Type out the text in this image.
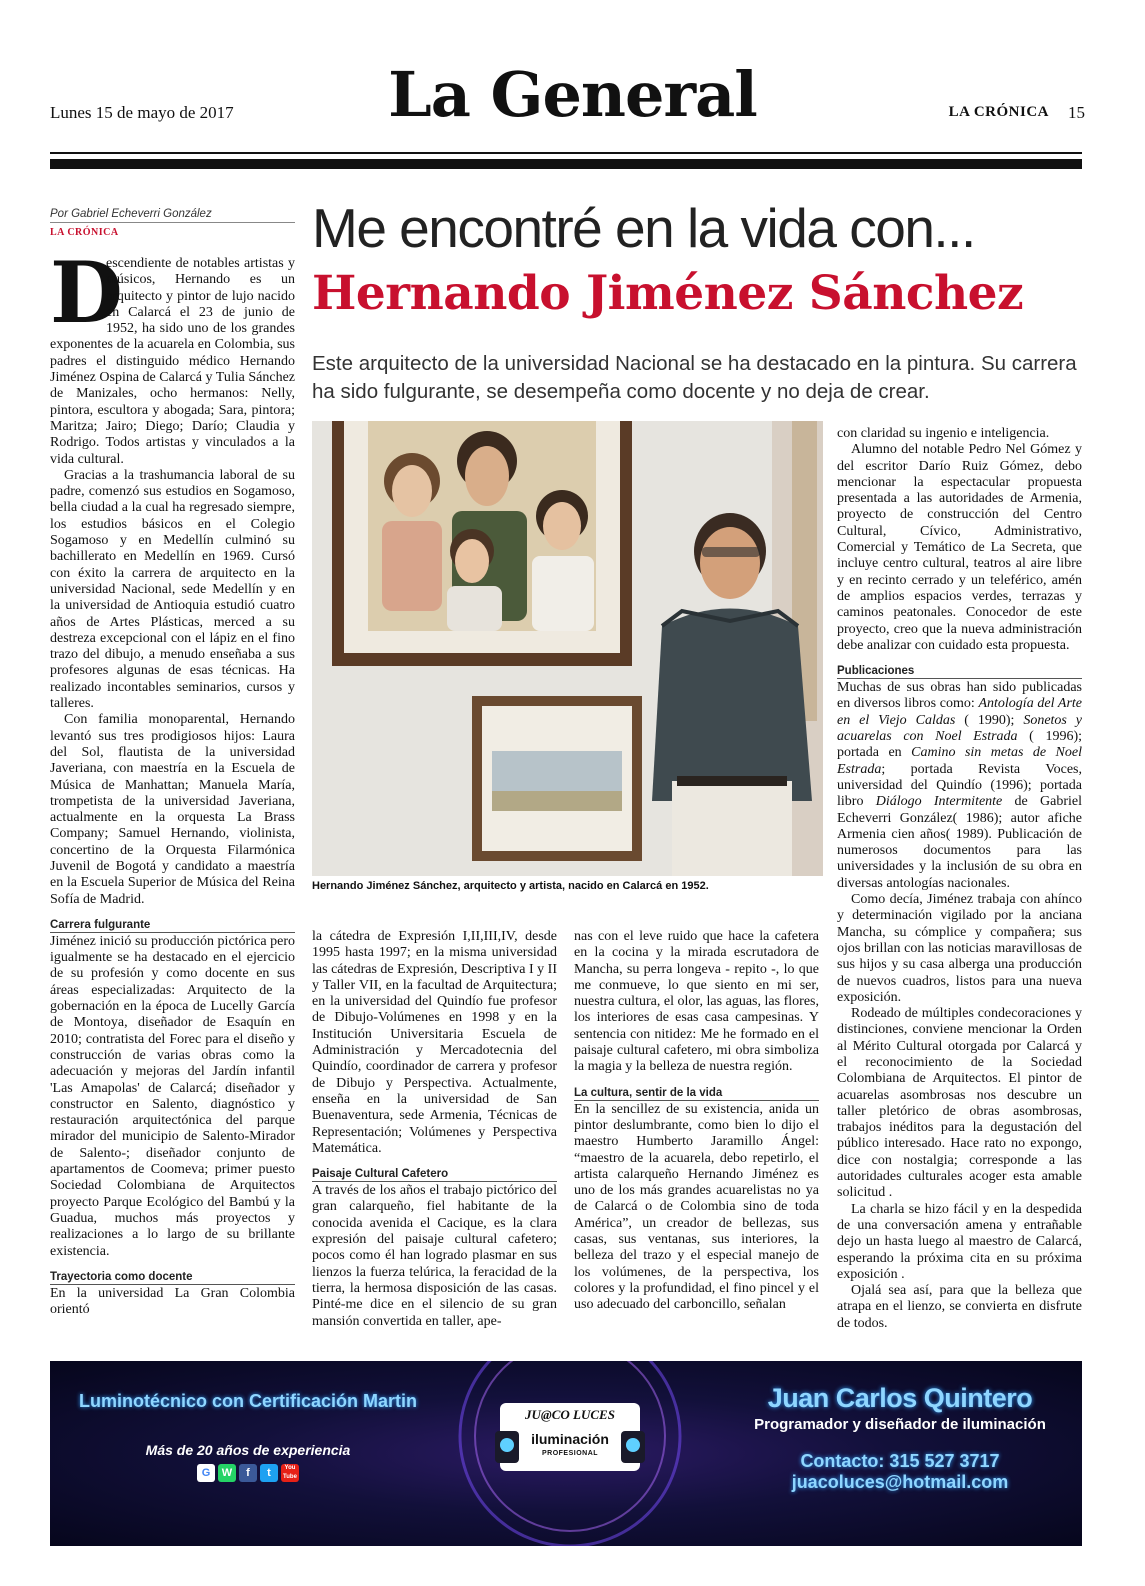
Lunes 15 de mayo de 2017	La General	LA CRÓNICA 15
Por Gabriel Echeverri González
LA CRÓNICA	Me encontré en la vida con...
Hernando Jiménez Sánchez

Este arquitecto de la universidad Nacional se ha destacado en la pintura. Su carrera ha sido fulgurante, se desempeña como docente y no deja de crear.

Hernando Jiménez Sánchez, arquitecto y artista, nacido en Calarcá en 1952.
D

escendiente de notables artistas y músicos, Hernando es un arquitecto y pintor de lujo nacido en Calarcá el 23 de junio de 1952, ha sido uno de los grandes exponentes de la acuarela en Colombia, sus padres el distinguido médico Hernando Jiménez Ospina de Calarcá y Tulia Sánchez de Manizales, ocho hermanos: Nelly, pintora, escultora y abogada; Sara, pintora; Maritza; Jairo; Diego; Darío; Claudia y Rodrigo. Todos artistas y vinculados a la vida cultural.

Gracias a la trashumancia laboral de su padre, comenzó sus estudios en Sogamoso, bella ciudad a la cual ha regresado siempre, los estudios básicos en el Colegio Sogamoso y en Medellín culminó su bachillerato en Medellín en 1969. Cursó con éxito la carrera de arquitecto en la universidad Nacional, sede Medellín y en la universidad de Antioquia estudió cuatro años de Artes Plásticas, merced a su destreza excepcional con el lápiz en el fino trazo del dibujo, a menudo enseñaba a sus profesores algunas de esas técnicas. Ha realizado incontables seminarios, cursos y talleres.

Con familia monoparental, Hernando levantó sus tres prodigiosos hijos: Laura del Sol, flautista de la universidad Javeriana, con maestría en la Escuela de Música de Manhattan; Manuela María, trompetista de la universidad Javeriana, actualmente en la orquesta La Brass Company; Samuel Hernando, violinista, concertino de la Orquesta Filarmónica Juvenil de Bogotá y candidato a maestría en la Escuela Superior de Música del Reina Sofía de Madrid.

Carrera fulgurante

Jiménez inició su producción pictórica pero igualmente se ha destacado en el ejercicio de su profesión y como docente en sus áreas especializadas: Arquitecto de la gobernación en la época de Lucelly García de Montoya, diseñador de Esaquín en 2010; contratista del Forec para el diseño y construcción de varias obras como la adecuación y mejoras del Jardín infantil 'Las Amapolas' de Calarcá; diseñador y constructor en Salento, diagnóstico y restauración arquitectónica del parque mirador del municipio de Salento-Mirador de Salento-; diseñador conjunto de apartamentos de Coomeva; primer puesto Sociedad Colombiana de Arquitectos proyecto Parque Ecológico del Bambú y la Guadua, muchos más proyectos y realizaciones a lo largo de su brillante existencia.

Trayectoria como docente

En la universidad La Gran Colombia orientó

la cátedra de Expresión I,II,III,IV, desde 1995 hasta 1997; en la misma universidad las cátedras de Expresión, Descriptiva I y II y Taller VII, en la facultad de Arquitectura; en la universidad del Quindío fue profesor de Dibujo-Volúmenes en 1998 y en la Institución Universitaria Escuela de Administración y Mercadotecnia del Quindío, coordinador de carrera y profesor de Dibujo y Perspectiva. Actualmente, enseña en la universidad de San Buenaventura, sede Armenia, Técnicas de Representación; Volúmenes y Perspectiva Matemática.

Paisaje Cultural Cafetero

A través de los años el trabajo pictórico del gran calarqueño, fiel habitante de la conocida avenida el Cacique, es la clara expresión del paisaje cultural cafetero; pocos como él han logrado plasmar en sus lienzos la fuerza telúrica, la feracidad de la tierra, la hermosa disposición de las casas. Pinté-me dice en el silencio de su gran mansión convertida en taller, ape-

nas con el leve ruido que hace la cafetera en la cocina y la mirada escrutadora de Mancha, su perra longeva - repito -, lo que me conmueve, lo que siento en mi ser, nuestra cultura, el olor, las aguas, las flores, los interiores de esas casa campesinas. Y sentencia con nitidez: Me he formado en el paisaje cultural cafetero, mi obra simboliza la magia y la belleza de nuestra región.

La cultura, sentir de la vida

En la sencillez de su existencia, anida un pintor deslumbrante, como bien lo dijo el maestro Humberto Jaramillo Ángel: “maestro de la acuarela, debo repetirlo, el artista calarqueño Hernando Jiménez es uno de los más grandes acuarelistas no ya de Calarcá o de Colombia sino de toda América”, un creador de bellezas, sus casas, sus ventanas, sus interiores, la belleza del trazo y el especial manejo de los volúmenes, de la perspectiva, los colores y la profundidad, el fino pincel y el uso adecuado del carboncillo, señalan

con claridad su ingenio e inteligencia.

Alumno del notable Pedro Nel Gómez y del escritor Darío Ruiz Gómez, debo mencionar la espectacular propuesta presentada a las autoridades de Armenia, proyecto de construcción del Centro Cultural, Cívico, Administrativo, Comercial y Temático de La Secreta, que incluye centro cultural, teatros al aire libre y en recinto cerrado y un teleférico, amén de amplios espacios verdes, terrazas y caminos peatonales. Conocedor de este proyecto, creo que la nueva administración debe analizar con cuidado esta propuesta.

Publicaciones

Muchas de sus obras han sido publicadas en diversos libros como: Antología del Arte en el Viejo Caldas ( 1990); Sonetos y acuarelas con Noel Estrada ( 1996); portada en Camino sin metas de Noel Estrada; portada Revista Voces, universidad del Quindío (1996); portada libro Diálogo Intermitente de Gabriel Echeverri González( 1986); autor afiche Armenia cien años( 1989). Publicación de numerosos documentos para las universidades y la inclusión de su obra en diversas antologías nacionales.

Como decía, Jiménez trabaja con ahínco y determinación vigilado por la anciana Mancha, su cómplice y compañera; sus ojos brillan con las noticias maravillosas de sus hijos y su casa alberga una producción de nuevos cuadros, listos para una nueva exposición.

Rodeado de múltiples condecoraciones y distinciones, conviene mencionar la Orden al Mérito Cultural otorgada por Calarcá y el reconocimiento de la Sociedad Colombiana de Arquitectos. El pintor de acuarelas asombrosas nos descubre un taller pletórico de obras asombrosas, trabajos inéditos para la degustación del público interesado. Hace rato no expongo, dice con nostalgia; corresponde a las autoridades culturales acoger esta amable solicitud .

La charla se hizo fácil y en la despedida de una conversación amena y entrañable dejo un hasta luego al maestro de Calarcá, esperando la próxima cita en su próxima exposición .

Ojalá sea así, para que la belleza que atrapa en el lienzo, se convierta en disfrute de todos.

Luminotécnico con Certificación Martin
Más de 20 años de experiencia
G	W	f	t	You Tube
JU@CO LUCES
iluminación
PROFESIONAL
Juan Carlos Quintero
Programador y diseñador de iluminación
Contacto: 315 527 3717
juacoluces@hotmail.com
